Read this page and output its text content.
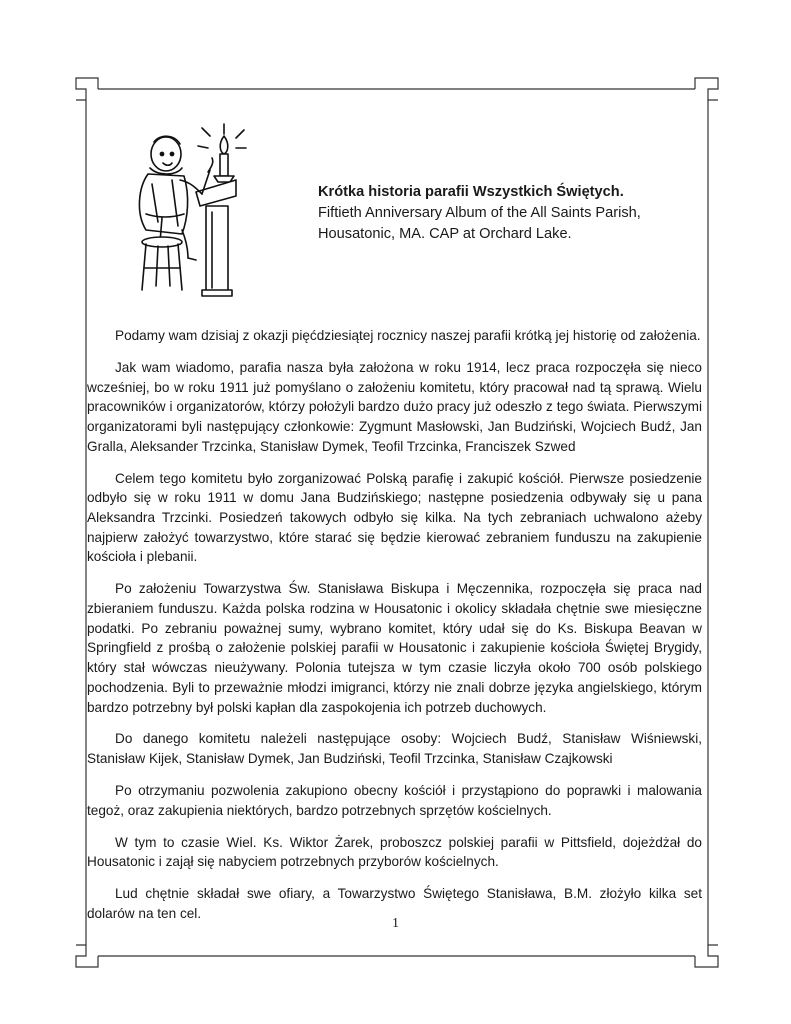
Krótka historia parafii Wszystkich Świętych.
Fiftieth Anniversary Album of the All Saints Parish,
Housatonic, MA. CAP at Orchard Lake.

Podamy wam dzisiaj z okazji pięćdziesiątej rocznicy naszej parafii krótką jej historię od założenia.

Jak wam wiadomo, parafia nasza była założona w roku 1914, lecz praca rozpoczęła się nieco wcześniej, bo w roku 1911 już pomyślano o założeniu komitetu, który pracował nad tą sprawą. Wielu pracowników i organizatorów, którzy położyli bardzo dużo pracy już odeszło z tego świata. Pierwszymi organizatorami byli następujący członkowie: Zygmunt Masłowski, Jan Budziński, Wojciech Budź, Jan Gralla, Aleksander Trzcinka, Stanisław Dymek, Teofil Trzcinka, Franciszek Szwed

Celem tego komitetu było zorganizować Polską parafię i zakupić kościół. Pierwsze posiedzenie odbyło się w roku 1911 w domu Jana Budzińskiego; następne posiedzenia odbywały się u pana Aleksandra Trzcinki. Posiedzeń takowych odbyło się kilka. Na tych zebraniach uchwalono ażeby najpierw założyć towarzystwo, które starać się będzie kierować zebraniem funduszu na zakupienie kościoła i plebanii.

Po założeniu Towarzystwa Św. Stanisława Biskupa i Męczennika, rozpoczęła się praca nad zbieraniem funduszu. Każda polska rodzina w Housatonic i okolicy składała chętnie swe miesięczne podatki. Po zebraniu poważnej sumy, wybrano komitet, który udał się do Ks. Biskupa Beavan w Springfield z prośbą o założenie polskiej parafii w Housatonic i zakupienie kościoła Świętej Brygidy, który stał wówczas nieużywany. Polonia tutejsza w tym czasie liczyła około 700 osób polskiego pochodzenia. Byli to przeważnie młodzi imigranci, którzy nie znali dobrze języka angielskiego, którym bardzo potrzebny był polski kapłan dla zaspokojenia ich potrzeb duchowych.

Do danego komitetu należeli następujące osoby: Wojciech Budź, Stanisław Wiśniewski, Stanisław Kijek, Stanisław Dymek, Jan Budziński, Teofil Trzcinka, Stanisław Czajkowski

Po otrzymaniu pozwolenia zakupiono obecny kościół i przystąpiono do poprawki i malowania tegoż, oraz zakupienia niektórych, bardzo potrzebnych sprzętów kościelnych.

W tym to czasie Wiel. Ks. Wiktor Żarek, proboszcz polskiej parafii w Pittsfield, dojeżdżał do Housatonic i zajął się nabyciem potrzebnych przyborów kościelnych.

Lud chętnie składał swe ofiary, a Towarzystwo Świętego Stanisława, B.M. złożyło kilka set dolarów na ten cel.

1
